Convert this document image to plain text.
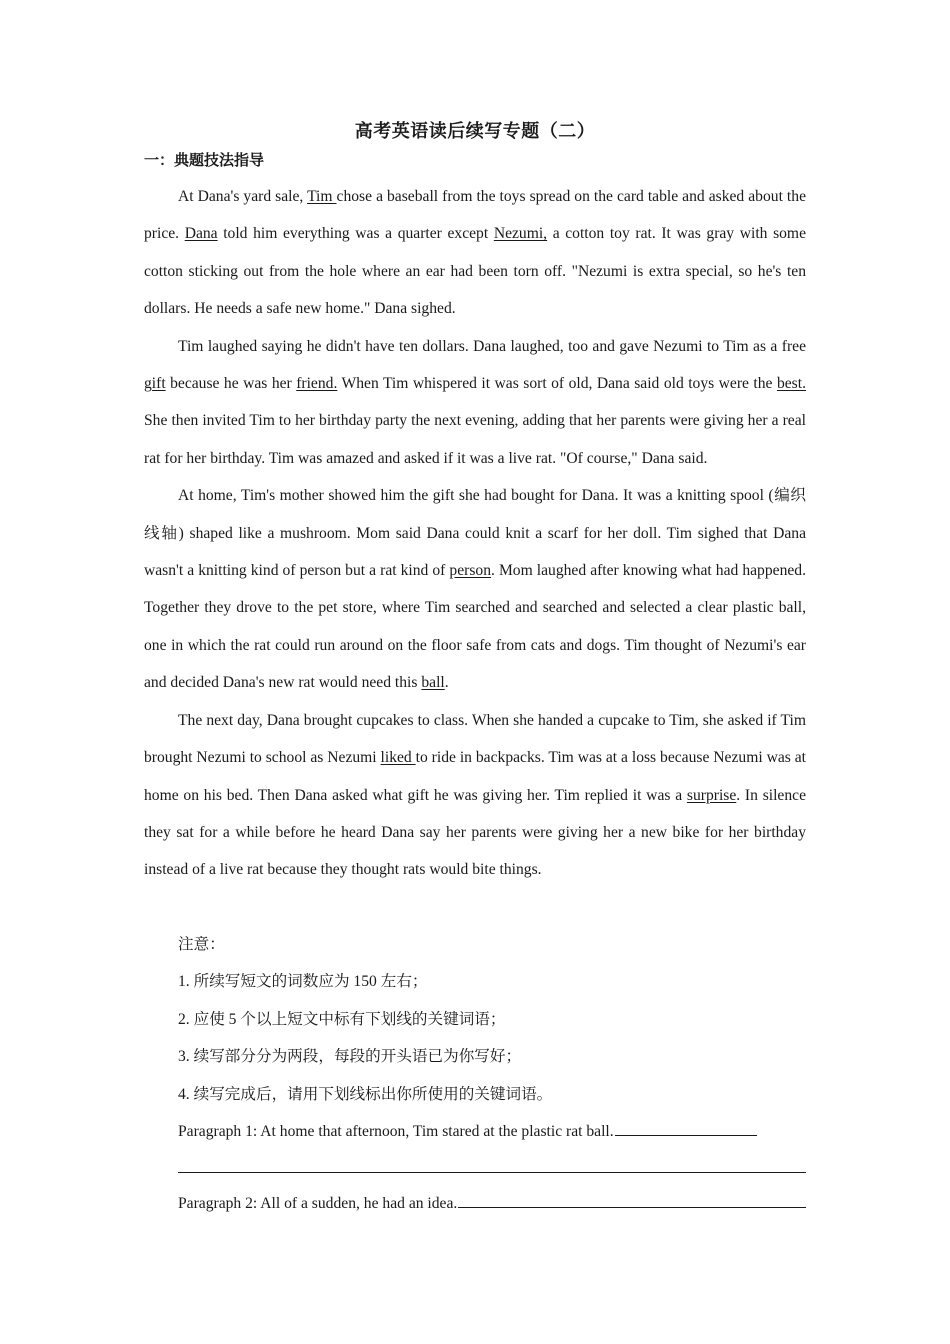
高考英语读后续写专题（二）
一：典题技法指导

At Dana's yard sale, Tim chose a baseball from the toys spread on the card table and asked about the price. Dana told him everything was a quarter except Nezumi, a cotton toy rat. It was gray with some cotton sticking out from the hole where an ear had been torn off. "Nezumi is extra special, so he's ten dollars. He needs a safe new home." Dana sighed.

Tim laughed saying he didn't have ten dollars. Dana laughed, too and gave Nezumi to Tim as a free gift because he was her friend. When Tim whispered it was sort of old, Dana said old toys were the best. She then invited Tim to her birthday party the next evening, adding that her parents were giving her a real rat for her birthday. Tim was amazed and asked if it was a live rat. "Of course," Dana said.

At home, Tim's mother showed him the gift she had bought for Dana. It was a knitting spool (编织线轴) shaped like a mushroom. Mom said Dana could knit a scarf for her doll. Tim sighed that Dana wasn't a knitting kind of person but a rat kind of person. Mom laughed after knowing what had happened. Together they drove to the pet store, where Tim searched and searched and selected a clear plastic ball, one in which the rat could run around on the floor safe from cats and dogs. Tim thought of Nezumi's ear and decided Dana's new rat would need this ball.

The next day, Dana brought cupcakes to class. When she handed a cupcake to Tim, she asked if Tim brought Nezumi to school as Nezumi liked to ride in backpacks. Tim was at a loss because Nezumi was at home on his bed. Then Dana asked what gift he was giving her. Tim replied it was a surprise. In silence they sat for a while before he heard Dana say her parents were giving her a new bike for her birthday instead of a live rat because they thought rats would bite things.

注意：
1. 所续写短文的词数应为 150 左右；
2. 应使 5 个以上短文中标有下划线的关键词语；
3. 续写部分分为两段，每段的开头语已为你写好；
4. 续写完成后，请用下划线标出你所使用的关键词语。
Paragraph 1: At home that afternoon, Tim stared at the plastic rat ball.
Paragraph 2: All of a sudden, he had an idea.
